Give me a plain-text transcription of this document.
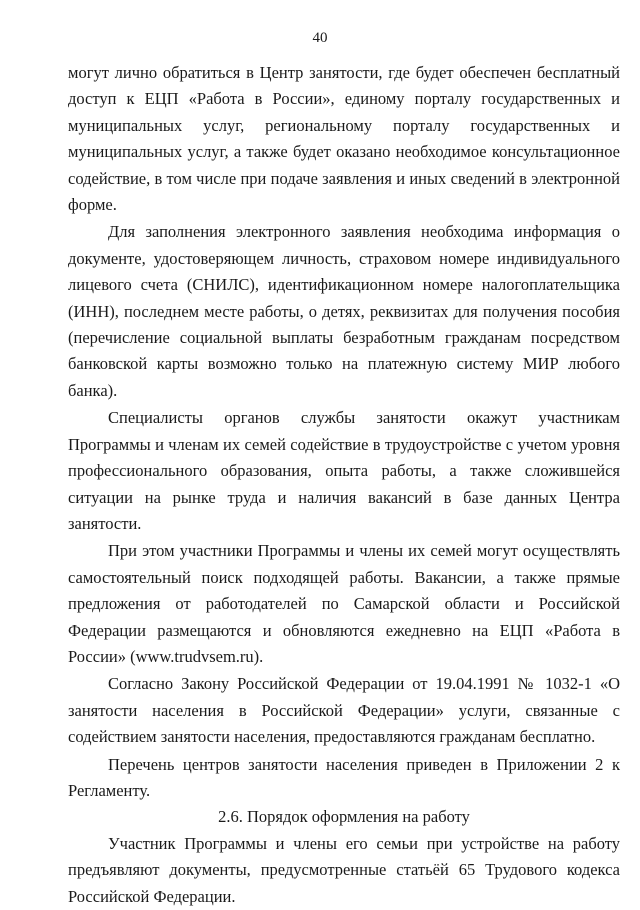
40

могут лично обратиться в Центр занятости, где будет обеспечен бесплатный доступ к ЕЦП «Работа в России», единому порталу государственных и муниципальных услуг, региональному порталу государственных и муниципальных услуг, а также будет оказано необходимое консультационное содействие, в том числе при подаче заявления и иных сведений в электронной форме.

Для заполнения электронного заявления необходима информация о документе, удостоверяющем личность, страховом номере индивидуального лицевого счета (СНИЛС), идентификационном номере налогоплательщика (ИНН), последнем месте работы, о детях, реквизитах для получения пособия (перечисление социальной выплаты безработным гражданам посредством банковской карты возможно только на платежную систему МИР любого банка).

Специалисты органов службы занятости окажут участникам Программы и членам их семей содействие в трудоустройстве с учетом уровня профессионального образования, опыта работы, а также сложившейся ситуации на рынке труда и наличия вакансий в базе данных Центра занятости.

При этом участники Программы и члены их семей могут осуществлять самостоятельный поиск подходящей работы. Вакансии, а также прямые предложения от работодателей по Самарской области и Российской Федерации размещаются и обновляются ежедневно на ЕЦП «Работа в России» (www.trudvsem.ru).

Согласно Закону Российской Федерации от 19.04.1991 № 1032-1 «О занятости населения в Российской Федерации» услуги, связанные с содействием занятости населения, предоставляются гражданам бесплатно.

Перечень центров занятости населения приведен в Приложении 2 к Регламенту.

2.6. Порядок оформления на работу

Участник Программы и члены его семьи при устройстве на работу предъявляют документы, предусмотренные статьёй 65 Трудового кодекса Российской Федерации.
